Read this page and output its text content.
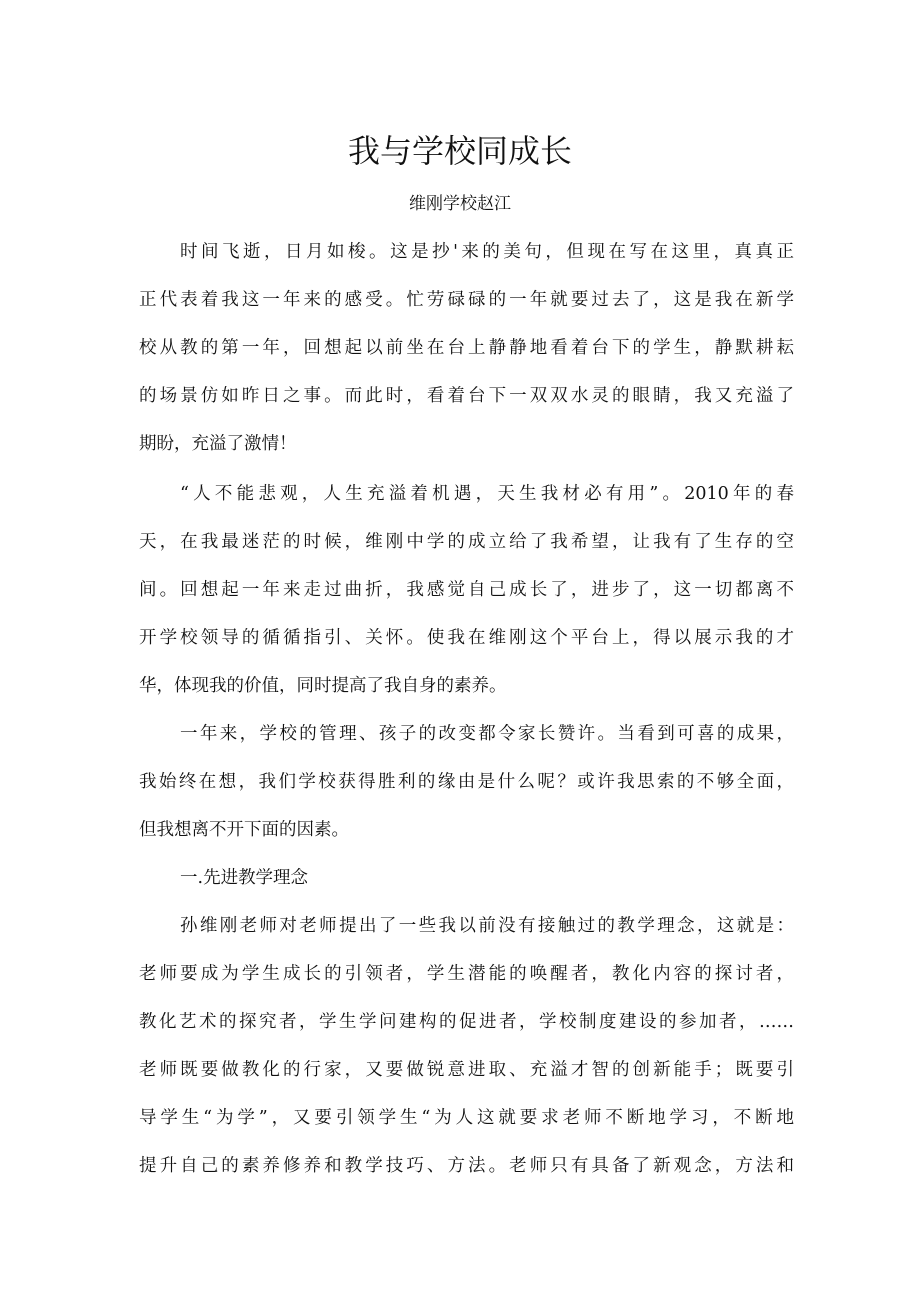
我与学校同成长
维刚学校赵江
时间飞逝，日月如梭。这是抄'来的美句，但现在写在这里，真真正
正代表着我这一年来的感受。忙劳碌碌的一年就要过去了，这是我在新学
校从教的第一年，回想起以前坐在台上静静地看着台下的学生，静默耕耘
的场景仿如昨日之事。而此时，看着台下一双双水灵的眼睛，我又充溢了
期盼，充溢了激情！
“人不能悲观，人生充溢着机遇，天生我材必有用”。2010年的春
天，在我最迷茫的时候，维刚中学的成立给了我希望，让我有了生存的空
间。回想起一年来走过曲折，我感觉自己成长了，进步了，这一切都离不
开学校领导的循循指引、关怀。使我在维刚这个平台上，得以展示我的才
华，体现我的价值，同时提高了我自身的素养。
一年来，学校的管理、孩子的改变都令家长赞许。当看到可喜的成果，
我始终在想，我们学校获得胜利的缘由是什么呢？或许我思索的不够全面，
但我想离不开下面的因素。
一.先进教学理念
孙维刚老师对老师提出了一些我以前没有接触过的教学理念，这就是：
老师要成为学生成长的引领者，学生潜能的唤醒者，教化内容的探讨者，
教化艺术的探究者，学生学问建构的促进者，学校制度建设的参加者，……
老师既要做教化的行家，又要做锐意进取、充溢才智的创新能手；既要引
导学生“为学”，又要引领学生“为人这就要求老师不断地学习，不断地
提升自己的素养修养和教学技巧、方法。老师只有具备了新观念，方法和
